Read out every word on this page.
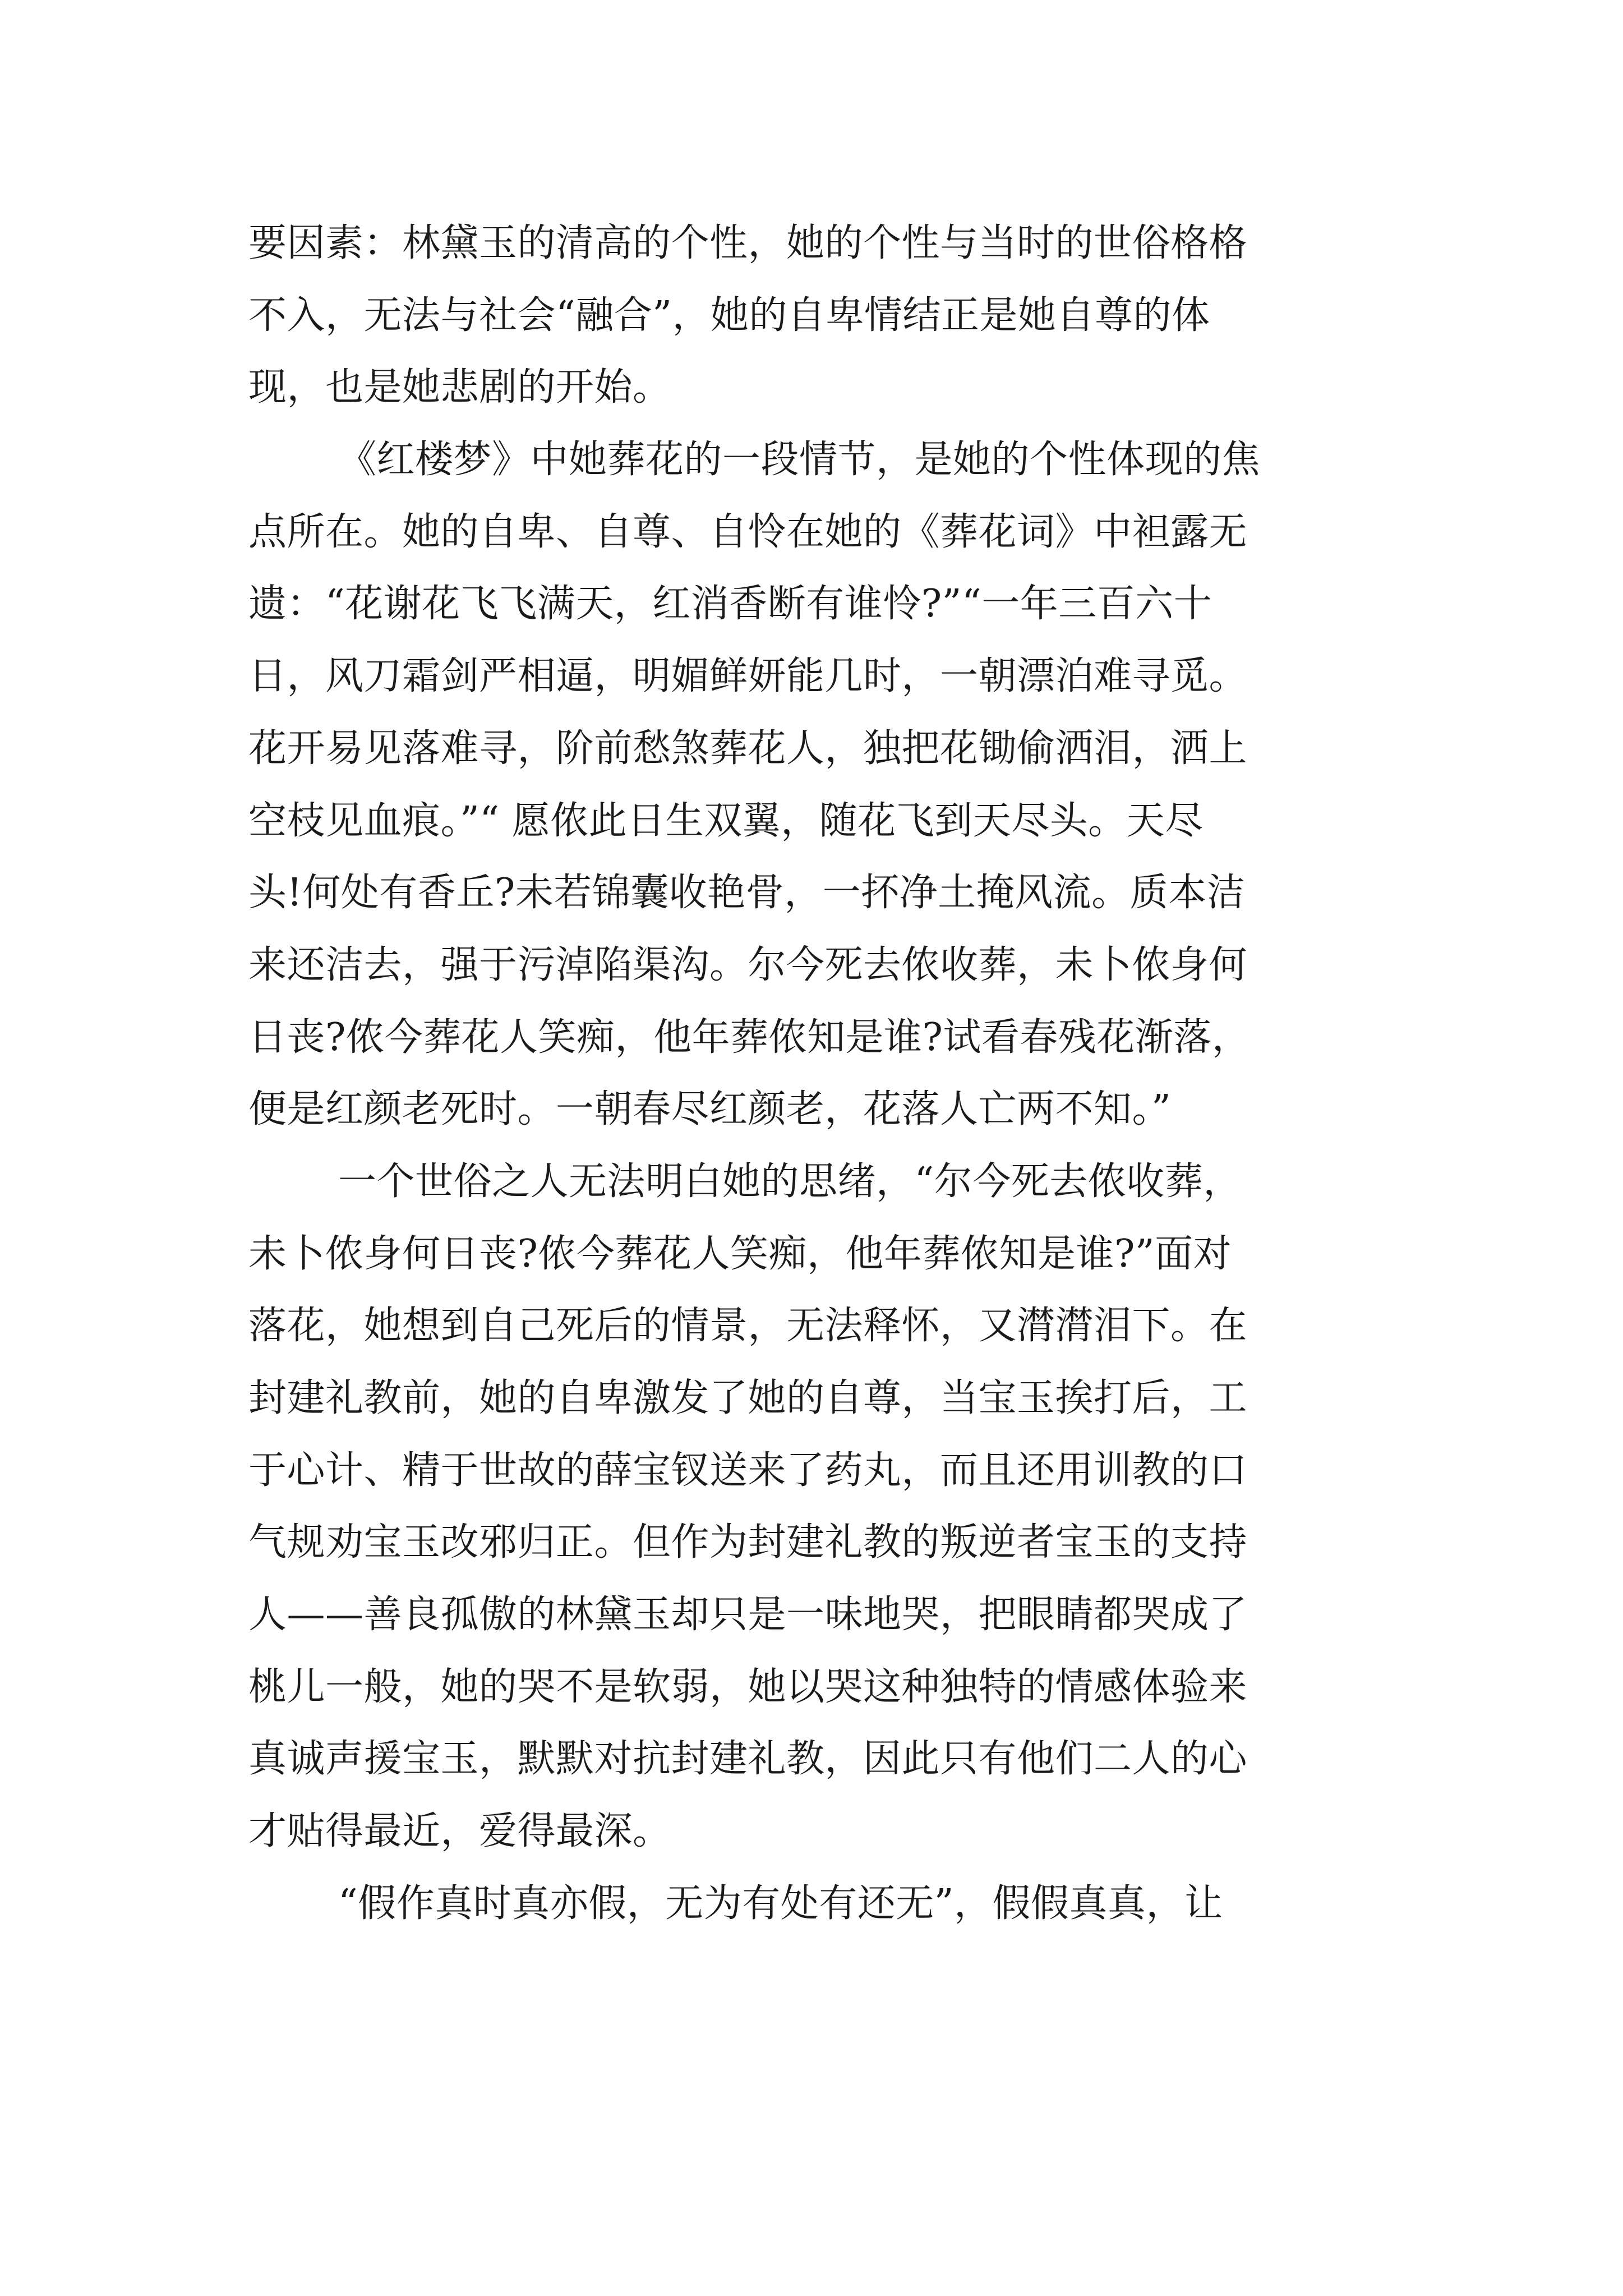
要因素：林黛玉的清高的个性，她的个性与当时的世俗格格
不入，无法与社会“融合”，她的自卑情结正是她自尊的体
现，也是她悲剧的开始。
《红楼梦》中她葬花的一段情节，是她的个性体现的焦
点所在。她的自卑、自尊、自怜在她的《葬花词》中袒露无
遗：“花谢花飞飞满天，红消香断有谁怜?”“一年三百六十
日，风刀霜剑严相逼，明媚鲜妍能几时，一朝漂泊难寻觅。
花开易见落难寻，阶前愁煞葬花人，独把花锄偷洒泪，洒上
空枝见血痕。”“ 愿侬此日生双翼，随花飞到天尽头。天尽
头!何处有香丘?未若锦囊收艳骨，一抔净土掩风流。质本洁
来还洁去，强于污淖陷渠沟。尔今死去侬收葬，未卜侬身何
日丧?侬今葬花人笑痴，他年葬侬知是谁?试看春残花渐落，
便是红颜老死时。一朝春尽红颜老，花落人亡两不知。”
一个世俗之人无法明白她的思绪，“尔今死去侬收葬，
未卜侬身何日丧?侬今葬花人笑痴，他年葬侬知是谁?”面对
落花，她想到自己死后的情景，无法释怀，又潸潸泪下。在
封建礼教前，她的自卑激发了她的自尊，当宝玉挨打后，工
于心计、精于世故的薛宝钗送来了药丸，而且还用训教的口
气规劝宝玉改邪归正。但作为封建礼教的叛逆者宝玉的支持
人——善良孤傲的林黛玉却只是一味地哭，把眼睛都哭成了
桃儿一般，她的哭不是软弱，她以哭这种独特的情感体验来
真诚声援宝玉，默默对抗封建礼教，因此只有他们二人的心
才贴得最近，爱得最深。
“假作真时真亦假，无为有处有还无”，假假真真，让
